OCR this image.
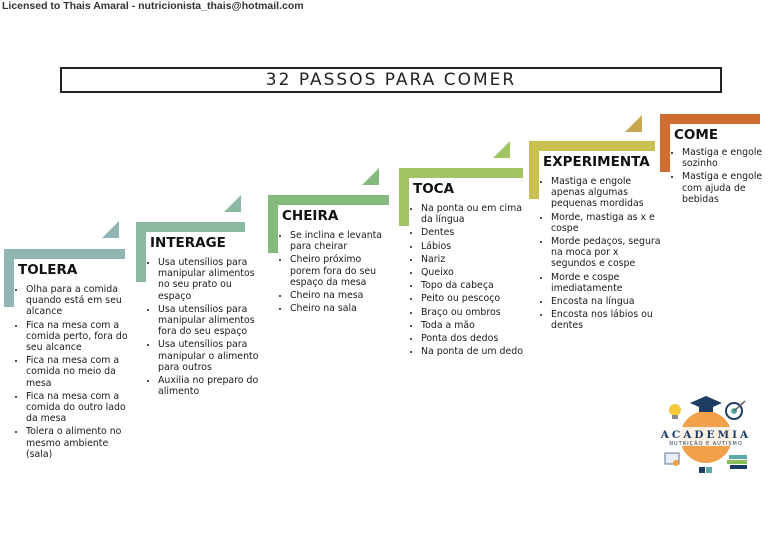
Licensed to Thais Amaral - nutricionista_thais@hotmail.com
32 PASSOS PARA COMER
TOLERA
• Olha para a comida quando está em seu alcance
• Fica na mesa com a comida perto, fora do seu alcance
• Fica na mesa com a comida no meio da mesa
• Fica na mesa com a comida do outro lado da mesa
• Tolera o alimento no mesmo ambiente (sala)
INTERAGE
• Usa utensílios para manipular alimentos no seu prato ou espaço
• Usa utensílios para manipular alimentos fora do seu espaço
• Usa utensílios para manipular o alimento para outros
• Auxilia no preparo do alimento
CHEIRA
• Se inclina e levanta para cheirar
• Cheiro próximo porem fora do seu espaço da mesa
• Cheiro na mesa
• Cheiro na sala
TOCA
• Na ponta ou em cima da língua
• Dentes
• Lábios
• Nariz
• Queixo
• Topo da cabeça
• Peito ou pescoço
• Braço ou ombros
• Toda a mão
• Ponta dos dedos
• Na ponta de um dedo
EXPERIMENTA
• Mastiga e engole apenas algumas pequenas mordidas
• Morde, mastiga as x e cospe
• Morde pedaços, segura na moca por x segundos e cospe
• Morde e cospe imediatamente
• Encosta na língua
• Encosta nos lábios ou dentes
COME
• Mastiga e engole sozinho
• Mastiga e engole com ajuda de bebidas
ACADEMIA
NUTRIÇÃO E AUTISMO
